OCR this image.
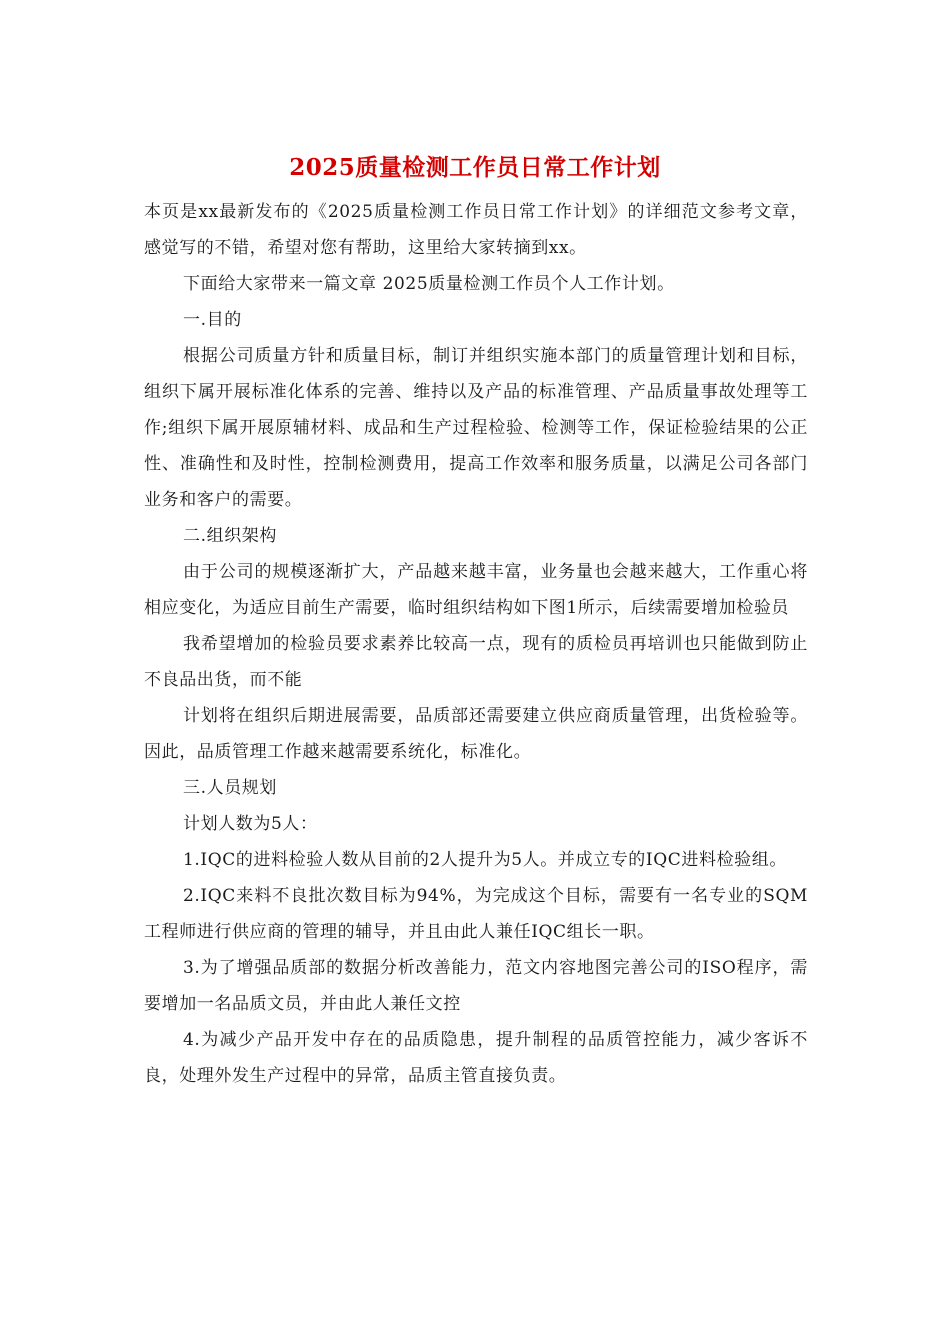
2025质量检测工作员日常工作计划

本页是xx最新发布的《2025质量检测工作员日常工作计划》的详细范文参考文章，感觉写的不错，希望对您有帮助，这里给大家转摘到xx。

下面给大家带来一篇文章 2025质量检测工作员个人工作计划。

一.目的

根据公司质量方针和质量目标，制订并组织实施本部门的质量管理计划和目标，组织下属开展标准化体系的完善、维持以及产品的标准管理、产品质量事故处理等工作;组织下属开展原辅材料、成品和生产过程检验、检测等工作，保证检验结果的公正性、准确性和及时性，控制检测费用，提高工作效率和服务质量，以满足公司各部门业务和客户的需要。

二.组织架构

由于公司的规模逐渐扩大，产品越来越丰富，业务量也会越来越大，工作重心将相应变化，为适应目前生产需要，临时组织结构如下图1所示，后续需要增加检验员

我希望增加的检验员要求素养比较高一点，现有的质检员再培训也只能做到防止不良品出货，而不能

计划将在组织后期进展需要，品质部还需要建立供应商质量管理，出货检验等。因此，品质管理工作越来越需要系统化，标准化。

三.人员规划

计划人数为5人：

1.IQC的进料检验人数从目前的2人提升为5人。并成立专的IQC进料检验组。

2.IQC来料不良批次数目标为94%，为完成这个目标，需要有一名专业的SQM工程师进行供应商的管理的辅导，并且由此人兼任IQC组长一职。

3.为了增强品质部的数据分析改善能力，范文内容地图完善公司的ISO程序，需要增加一名品质文员，并由此人兼任文控

4.为减少产品开发中存在的品质隐患，提升制程的品质管控能力，减少客诉不良，处理外发生产过程中的异常，品质主管直接负责。
